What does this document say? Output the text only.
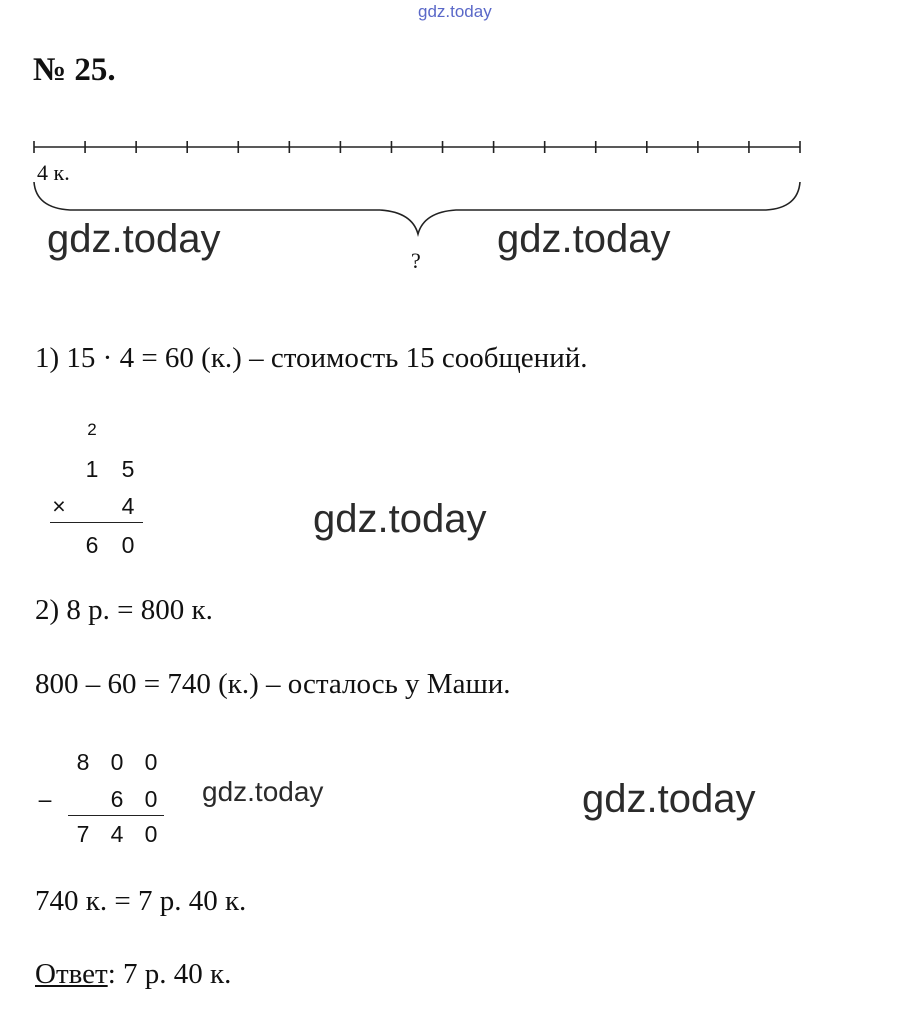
gdz.today
№ 25.
4 к.
?
gdz.today	gdz.today
gdz.today
gdz.today
gdz.today
1) 15 · 4 = 60 (к.) – стоимость 15 сообщений.
2
1 5
× 4
6 0
2) 8 р. = 800 к.
800 – 60 = 740 (к.) – осталось у Маши.
8 0 0
–	6 0
7 4 0
740 к. = 7 р. 40 к.
Ответ: 7 р. 40 к.
